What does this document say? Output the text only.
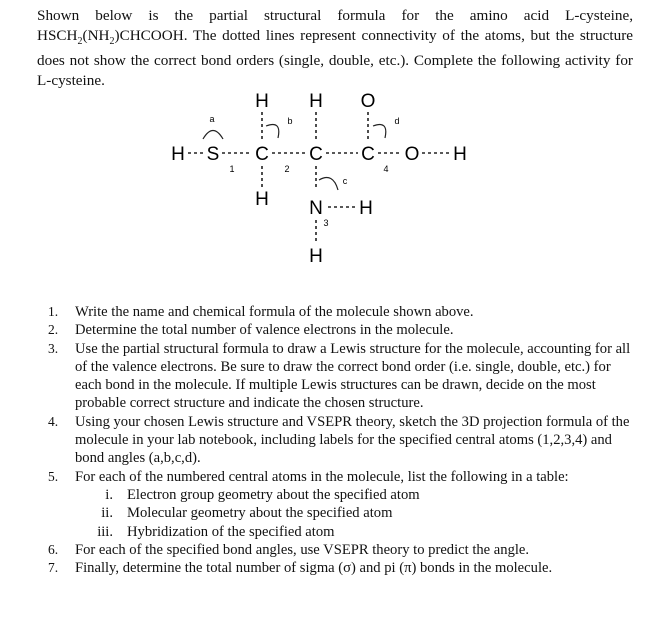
Shown below is the partial structural formula for the amino acid L-cysteine, $HSCH_2(NH_2)CHCOOH$. The dotted lines represent connectivity of the atoms, but the structure does not show the correct bond orders (single, double, etc.). Complete the following activity for L-cysteine.
H S C C C O H
H H O
H N H
H
a	b
c
d
1	2
3
4
1. Write the name and chemical formula of the molecule shown above.
2. Determine the total number of valence electrons in the molecule.
3. Use the partial structural formula to draw a Lewis structure for the molecule, accounting for all of the valence electrons. Be sure to draw the correct bond order (i.e. single, double, etc.) for each bond in the molecule. If multiple Lewis structures can be drawn, decide on the most probable correct structure and indicate the chosen structure.
4. Using your chosen Lewis structure and VSEPR theory, sketch the 3D projection formula of the molecule in your lab notebook, including labels for the specified central atoms (1,2,3,4) and bond angles (a,b,c,d).
5. For each of the numbered central atoms in the molecule, list the following in a table:
i. Electron group geometry about the specified atom
ii. Molecular geometry about the specified atom
iii. Hybridization of the specified atom
6. For each of the specified bond angles, use VSEPR theory to predict the angle.
7. Finally, determine the total number of sigma (σ) and pi (π) bonds in the molecule.
